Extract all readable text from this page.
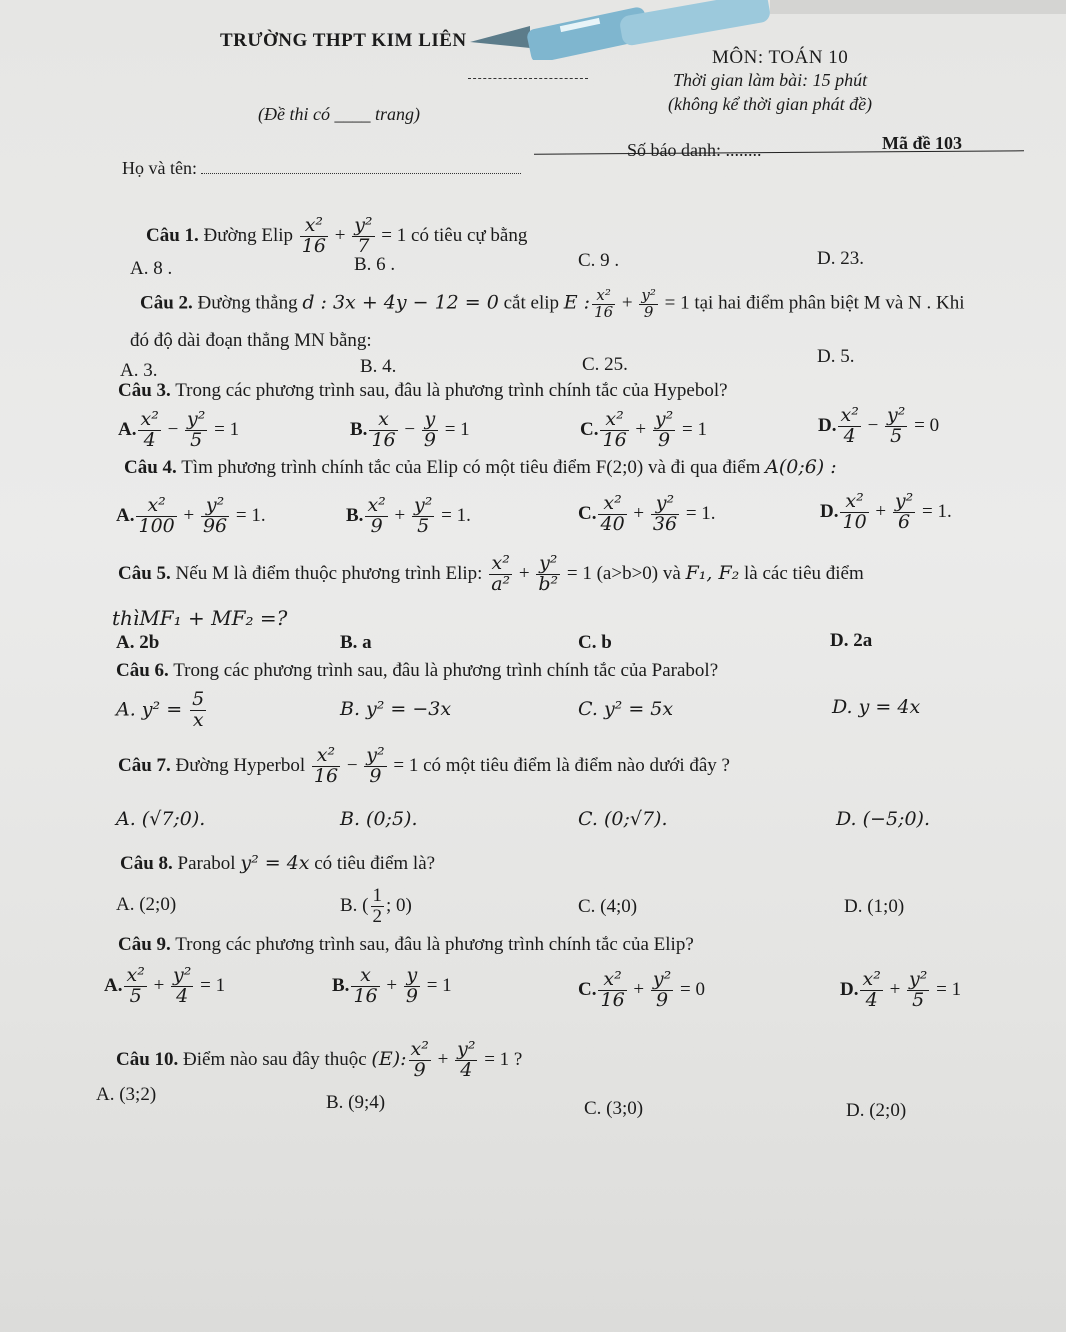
TRƯỜNG THPT KIM LIÊN
MÔN: TOÁN 10
Thời gian làm bài: 15 phút
(Đề thi có ____ trang)	(không kể thời gian phát đề)
Họ và tên:
Số báo danh: ........	Mã đề 103
Câu 1. Đường Elip $\frac{\text{x²}}{16} + \frac{\text{y²}}{7} = 1$ có tiêu cự bằng
A. 8 .	B. 6 .	C. 9 .	D. 23.
Câu 2. Đường thẳng d : 3x + 4y − 12 = 0 cắt elip E : $\frac{\text{x²}}{16} + \frac{\text{y²}}{9} = 1$ tại hai điểm phân biệt M và N . Khi
đó độ dài đoạn thẳng MN bằng:
A. 3.	B. 4.	C. 25.	D. 5.
Câu 3. Trong các phương trình sau, đâu là phương trình chính tắc của Hypebol?
A. $\frac{\text{x²}}{4} - \frac{\text{y²}}{5} = 1$	B. $\frac{x}{16} - \frac{y}{9} = 1$	C. $\frac{\text{x²}}{16} + \frac{\text{y²}}{9} = 1$	D. $\frac{\text{x²}}{4} - \frac{\text{y²}}{5} = 0$
Câu 4. Tìm phương trình chính tắc của Elip có một tiêu điểm F(2;0) và đi qua điểm A(0;6) :
A. $\frac{\text{x²}}{100} + \frac{\text{y²}}{96} = 1$.	B. $\frac{\text{x²}}{9} + \frac{\text{y²}}{5} = 1$.	C. $\frac{\text{x²}}{40} + \frac{\text{y²}}{36} = 1$.	D. $\frac{\text{x²}}{10} + \frac{\text{y²}}{6} = 1$.
Câu 5. Nếu M là điểm thuộc phương trình Elip: $\frac{\text{x²}}{\text{a²}} + \frac{\text{y²}}{\text{b²}} = 1$ (a>b>0) và F₁, F₂ là các tiêu điểm
thìMF₁ + MF₂ =?
A. 2b	B. a	C. b	D. 2a
Câu 6. Trong các phương trình sau, đâu là phương trình chính tắc của Parabol?
A. $y^2 = \frac{5}{x}$	B. y² = −3x	C. y² = 5x	D. y = 4x
Câu 7. Đường Hyperbol $\frac{\text{x²}}{16} - \frac{\text{y²}}{9} = 1$ có một tiêu điểm là điểm nào dưới đây ?
A. (√7;0).	B. (0;5).	C. (0;√7).	D. (−5;0).
Câu 8. Parabol y² = 4x có tiêu điểm là?
A. (2;0)	B. ( $\frac{1}{2}$ ; 0)	C. (4;0)	D. (1;0)
Câu 9. Trong các phương trình sau, đâu là phương trình chính tắc của Elip?
A. $\frac{\text{x²}}{5} + \frac{\text{y²}}{4} = 1$	B. $\frac{x}{16} + \frac{y}{9} = 1$	C. $\frac{\text{x²}}{16} + \frac{\text{y²}}{9} = 0$	D. $\frac{\text{x²}}{4} + \frac{\text{y²}}{5} = 1$
Câu 10. Điểm nào sau đây thuộc (E): $\frac{\text{x²}}{9} + \frac{\text{y²}}{4} = 1$ ?
A. (3;2)	B. (9;4)	C. (3;0)	D. (2;0)
